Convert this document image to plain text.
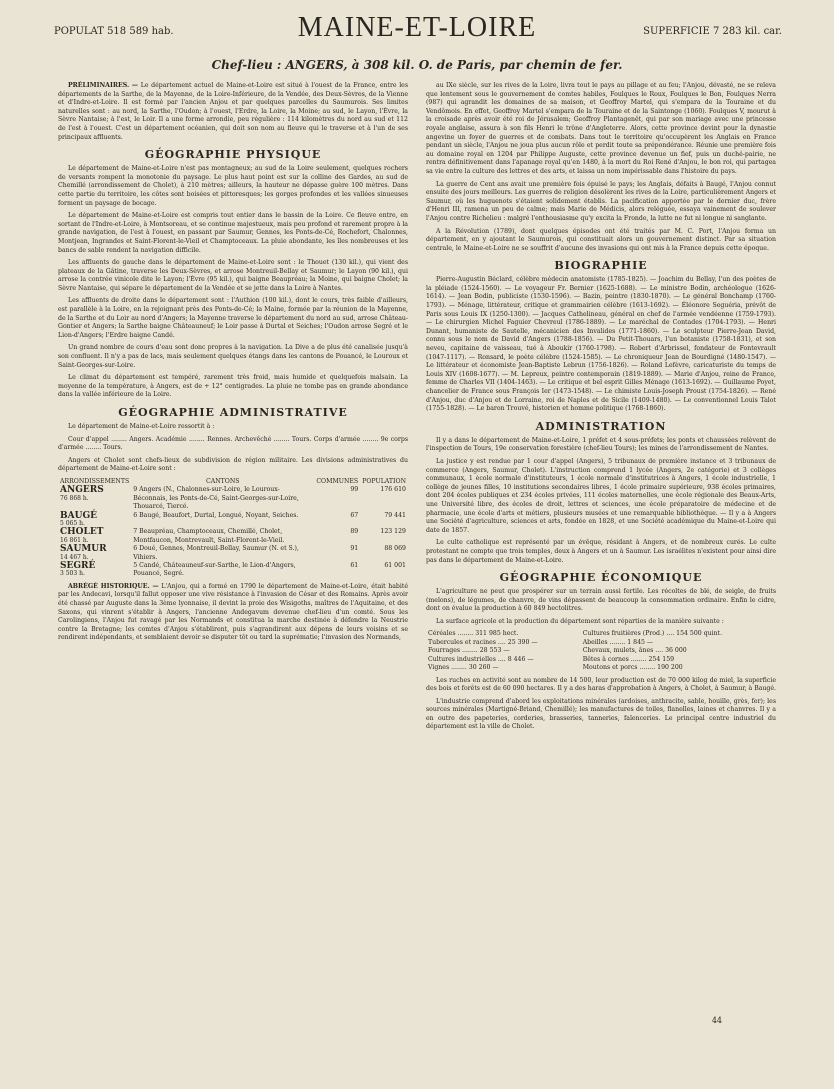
MAINE-ET-LOIRE
POPULAT 518 589 hab.	SUPERFICIE 7 283 kil. car.
Chef-lieu : ANGERS, à 308 kil. O. de Paris, par chemin de fer.

PRÉLIMINAIRES. — Le département actuel de Maine-et-Loire est situé à l'ouest de la France, entre les départements de la Sarthe, de la Mayenne, de la Loire-Inférieure, de la Vendée, des Deux-Sèvres, de la Vienne et d'Indre-et-Loire. Il est formé par l'ancien Anjou et par quelques parcelles du Saumurois. Ses limites naturelles sont : au nord, la Sarthe, l'Oudon; à l'ouest, l'Erdre, la Loire, la Moine; au sud, le Layon, l'Èvre, la Sèvre Nantaise; à l'est, le Loir. Il a une forme arrondie, peu régulière : 114 kilomètres du nord au sud et 112 de l'est à l'ouest. C'est un département océanien, qui doit son nom au fleuve qui le traverse et à l'un de ses principaux affluents.

GÉOGRAPHIE PHYSIQUE

Le département de Maine-et-Loire n'est pas montagneux; au sud de la Loire seulement, quelques rochers de versants rompent la monotonie du paysage. Le plus haut point est sur la colline des Gardes, au sud de Chemillé (arrondissement de Cholet), à 210 mètres; ailleurs, la hauteur ne dépasse guère 100 mètres. Dans cette partie du territoire, les côtes sont boisées et pittoresques; les gorges profondes et les vallées sinueuses forment un paysage de bocage.

Le département de Maine-et-Loire est compris tout entier dans le bassin de la Loire. Ce fleuve entre, en sortant de l'Indre-et-Loire, à Montsoreau, et se continue majestueux, mais peu profond et rarement propre à la grande navigation, de l'est à l'ouest, en passant par Saumur, Gennes, les Ponts-de-Cé, Rochefort, Chalonnes, Montjean, Ingrandes et Saint-Florent-le-Vieil et Champtoceaux. La pluie abondante, les îles nombreuses et les bancs de sable rendent la navigation difficile.

Les affluents de gauche dans le département de Maine-et-Loire sont : le Thouet (130 kil.), qui vient des plateaux de la Gâtine, traverse les Deux-Sèvres, et arrose Montreuil-Bellay et Saumur; le Layon (90 kil.), qui arrose la contrée vinicole dite le Layon; l'Èvre (95 kil.), qui baigne Beaupréau; la Moine, qui baigne Cholet; la Sèvre Nantaise, qui sépare le département de la Vendée et se jette dans la Loire à Nantes.

Les affluents de droite dans le département sont : l'Authion (100 kil.), dont le cours, très faible d'ailleurs, est parallèle à la Loire, en la rejoignant près des Ponts-de-Cé; la Maine, formée par la réunion de la Mayenne, de la Sarthe et du Loir au nord d'Angers; la Mayenne traverse le département du nord au sud, arrose Château-Gontier et Angers; la Sarthe baigne Châteauneuf; le Loir passe à Durtal et Seiches; l'Oudon arrose Segré et le Lion-d'Angers; l'Erdre baigne Candé.

Un grand nombre de cours d'eau sont donc propres à la navigation. La Dive a de plus été canalisée jusqu'à son confluent. Il n'y a pas de lacs, mais seulement quelques étangs dans les cantons de Pouancé, le Louroux et Saint-Georges-sur-Loire.

Le climat du département est tempéré, rarement très froid, mais humide et quelquefois malsain. La moyenne de la température, à Angers, est de + 12° centigrades. La pluie ne tombe pas en grande abondance dans la vallée inférieure de la Loire.

GÉOGRAPHIE ADMINISTRATIVE

Le département de Maine-et-Loire ressortit à :

Cour d'appel ........ Angers. Académie ........ Rennes. Archevêché ........ Tours. Corps d'armée ........ 9e corps d'armée ........ Tours.

Angers et Cholet sont chefs-lieux de subdivision de région militaire. Les divisions administratives du département de Maine-et-Loire sont :

ARRONDISSEMENTS	CANTONS	COMMUNES	POPULATION

ANGERS
76 868 h.	9 Angers (N., Chalonnes-sur-Loire, le Louroux-Béconnais, les Ponts-de-Cé, Saint-Georges-sur-Loire, Thouarcé, Tiercé.	99	176 610

BAUGÉ
5 065 h.	6 Baugé, Beaufort, Durtal, Longué, Noyant, Seiches.	67	79 441

CHOLET
16 861 h.	7 Beaupréau, Champtoceaux, Chemillé, Cholet, Montfaucon, Montrevault, Saint-Florent-le-Vieil.	89	123 129

SAUMUR
14 467 h.	6 Doué, Gennes, Montreuil-Bellay, Saumur (N. et S.), Vihiers.	91	88 069

SEGRÉ
3 503 h.	5 Candé, Châteauneuf-sur-Sarthe, le Lion-d'Angers, Pouancé, Segré.	61	61 001

ABRÉGÉ HISTORIQUE. — L'Anjou, qui a formé en 1790 le département de Maine-et-Loire, était habité par les Andecavi, lorsqu'il fallut opposer une vive résistance à l'invasion de César et des Romains. Après avoir été chassé par Auguste dans la 3ème lyonnaise, il devint la proie des Wisigoths, maîtres de l'Aquitaine, et des Saxons, qui vinrent s'établir à Angers, l'ancienne Andegavum devenue chef-lieu d'un comté. Sous les Carolingiens, l'Anjou fut ravagé par les Normands et constitua la marche destinée à défendre la Neustrie contre la Bretagne; les comtes d'Anjou s'établirent, puis s'agrandirent aux dépens de leurs voisins et se rendirent indépendants, et semblaient devoir se disputer tôt ou tard la suprématie; l'invasion des Normands,

au IXe siècle, sur les rives de la Loire, livra tout le pays au pillage et au feu; l'Anjou, dévasté, ne se releva que lentement sous le gouvernement de comtes habiles, Foulques le Roux, Foulques le Bon, Foulques Nerra (987) qui agrandit les domaines de sa maison, et Geoffroy Martel, qui s'empara de la Touraine et du Vendômois. En effet, Geoffroy Martel s'empara de la Touraine et de la Saintonge (1060). Foulques V, mourut à la croisade après avoir été roi de Jérusalem; Geoffroy Plantagenêt, qui par son mariage avec une princesse royale anglaise, assura à son fils Henri le trône d'Angleterre. Alors, cette province devint pour la dynastie angevine un foyer de guerres et de combats. Dans tout le territoire qu'occupèrent les Anglais en France pendant un siècle, l'Anjou ne joua plus aucun rôle et perdit toute sa prépondérance. Réunie une première fois au domaine royal en 1204 par Philippe Auguste, cette province devenue un fief, puis un duché-pairie, ne rentra définitivement dans l'apanage royal qu'en 1480, à la mort du Roi René d'Anjou, le bon roi, qui partagea sa vie entre la culture des lettres et des arts, et laissa un nom impérissable dans l'histoire du pays.

La guerre de Cent ans avait une première fois épuisé le pays; les Anglais, défaits à Baugé, l'Anjou connut ensuite des jours meilleurs. Les guerres de religion désolèrent les rives de la Loire, particulièrement Angers et Saumur, où les huguenots s'étaient solidement établis. La pacification apportée par le dernier duc, frère d'Henri III, ramena un peu de calme; mais Marie de Médicis, alors reléguée, essaya vainement de soulever l'Anjou contre Richelieu : malgré l'enthousiasme qu'y excita la Fronde, la lutte ne fut ni longue ni sanglante.

A la Révolution (1789), dont quelques épisodes ont été traités par M. C. Port, l'Anjou forma un département, en y ajoutant le Saumurois, qui constituait alors un gouvernement distinct. Par sa situation centrale, le Maine-et-Loire ne se souffrit d'aucune des invasions qui ont mis à la France depuis cette époque.

BIOGRAPHIE

Pierre-Augustin Béclard, célèbre médecin anatomiste (1785-1825). — Joachim du Bellay, l'un des poètes de la pléiade (1524-1560). — Le voyageur Fr. Bernier (1625-1688). — Le ministre Bodin, archéologue (1626-1614). — Jean Bodin, publiciste (1530-1596). — Bazin, peintre (1830-1870). — Le général Bonchamp (1760-1793). — Ménage, littérateur, critique et grammairien célèbre (1613-1692). — Éléonore Seguéria, prévôt de Paris sous Louis IX (1250-1300). — Jacques Cathelineau, général en chef de l'armée vendéenne (1759-1793). — Le chirurgien Michel Faguier Chevreul (1786-1889). — Le maréchal de Contades (1704-1793). — Henri Dunant, humaniste de Sautelle, mécanicien des Invalides (1771-1860). — Le sculpteur Pierre-Jean David, connu sous le nom de David d'Angers (1788-1856). — Du Petit-Thouars, l'un botaniste (1758-1831), et son neveu, capitaine de vaisseau, tué à Aboukir (1760-1798). — Robert d'Arbrissel, fondateur de Fontevrault (1047-1117). — Ronsard, le poète célèbre (1524-1585). — Le chroniqueur Jean de Bourdigné (1480-1547). — Le littérateur et économiste Jean-Baptiste Lebrun (1756-1826). — Roland Lefèvre, caricaturiste du temps de Louis XIV (1608-1677). — M. Lepreux, peintre contemporain (1819-1889). — Marie d'Anjou, reine de France, femme de Charles VII (1404-1463). — Le critique et bel esprit Gilles Ménage (1613-1692). — Guillaume Poyet, chancelier de France sous François Ier (1473-1548). — Le chimiste Louis-Joseph Proust (1754-1826). — René d'Anjou, duc d'Anjou et de Lorraine, roi de Naples et de Sicile (1409-1480). — Le conventionnel Louis Talot (1755-1828). — Le baron Trouvé, historien et homme politique (1768-1860).

ADMINISTRATION

Il y a dans le département de Maine-et-Loire, 1 préfet et 4 sous-préfets; les ponts et chaussées relèvent de l'inspection de Tours, 19e conservation forestière (chef-lieu Tours); les mines de l'arrondissement de Nantes.

La justice y est rendue par 1 cour d'appel (Angers), 5 tribunaux de première instance et 3 tribunaux de commerce (Angers, Saumur, Cholet). L'instruction comprend 1 lycée (Angers, 2e catégorie) et 3 collèges communaux, 1 école normale d'instituteurs, 1 école normale d'institutrices à Angers, 1 école industrielle, 1 collège de jeunes filles, 10 institutions secondaires libres, 1 école primaire supérieure, 938 écoles primaires, dont 204 écoles publiques et 234 écoles privées, 111 écoles maternelles, une école régionale des Beaux-Arts, une Université libre, des écoles de droit, lettres et sciences, une école préparatoire de médecine et de pharmacie, une école d'arts et métiers, plusieurs musées et une remarquable bibliothèque. — Il y a à Angers une Société d'agriculture, sciences et arts, fondée en 1828, et une Société académique du Maine-et-Loire qui date de 1857.

Le culte catholique est représenté par un évêque, résidant à Angers, et de nombreux curés. Le culte protestant ne compte que trois temples, deux à Angers et un à Saumur. Les israélites n'existent pour ainsi dire pas dans le département de Maine-et-Loire.

GÉOGRAPHIE ÉCONOMIQUE

L'agriculture ne peut que prospérer sur un terrain aussi fertile. Les récoltes de blé, de seigle, de fruits (melons), de légumes, de chanvre, de vins dépassent de beaucoup la consommation ordinaire. Enfin le cidre, dont on évalue la production à 60 849 hectolitres.

La surface agricole et la production du département sont réparties de la manière suivante :

Céréales ........ 311 985 hect.	Cultures fruitières (Prod.) .... 154 500 quint.
Tubercules et racines .... 25 390 —	Abeilles ........ 1 845 —
Fourrages ........ 28 553 —	Chevaux, mulets, ânes .... 36 000
Cultures industrielles .... 8 446 —	Bêtes à cornes ........ 254 159
Vignes ........ 30 260 —	Moutons et porcs ........ 190 200

Les ruches en activité sont au nombre de 14 500, leur production est de 70 000 kilog de miel, la superficie des bois et forêts est de 60 090 hectares. Il y a des haras d'approbation à Angers, à Cholet, à Saumur, à Baugé.

L'industrie comprend d'abord les exploitations minérales (ardoises, anthracite, sable, houille, grès, fer); les sources minérales (Martigné-Briand, Chemillé); les manufactures de toiles, flanelles, laines et chanvres. Il y a en outre des papeteries, corderies, brasseries, tanneries, faïenceries. Le principal centre industriel du département est la ville de Cholet.

44
